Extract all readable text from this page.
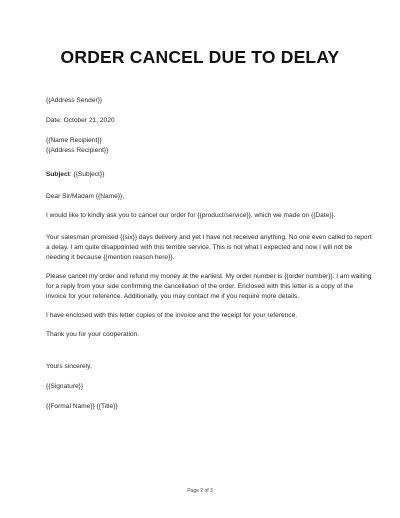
ORDER CANCEL DUE TO DELAY

{{Address Sender}}

Date: October 21, 2020

{{Name Recipient}}

{{Address Recipient}}

Subject: {{Subject}}

Dear Sir/Madam {{Name}},

I would like to kindly ask you to cancel our order for {{product/service}}, which we made on {{Date}}.

Your salesman promised {{six}} days delivery and yet I have not received anything. No one even called to report a delay. I am quite disappointed with this terrible service. This is not what I expected and now I will not be needing it because {{mention reason here}}.

Please cancel my order and refund my money at the earliest. My order number is {{order number}}. I am waiting for a reply from your side confirming the cancellation of the order. Enclosed with this letter is a copy of the invoice for your reference. Additionally, you may contact me if you require more details.

I have enclosed with this letter copies of the invoice and the receipt for your reference.

Thank you for your cooperation.

Yours sincerely,

{{Signature}}

{{Formal Name}} {{Title}}

Page 2 of 3
